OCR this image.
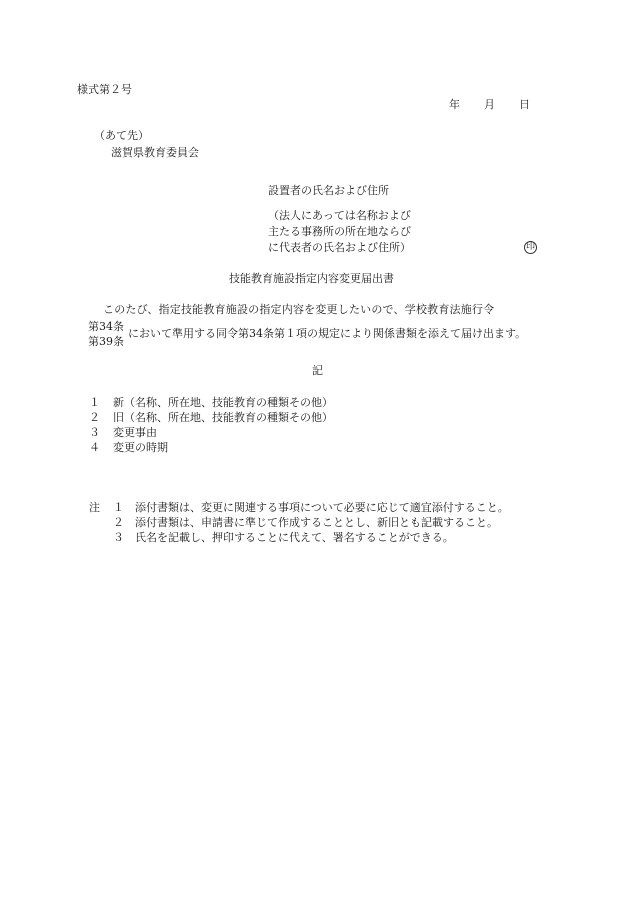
様式第２号
年 月 日
（あて先）
滋賀県教育委員会
設置者の氏名および住所
（法人にあっては名称および
主たる事務所の所在地ならび
に代表者の氏名および住所）	印
技能教育施設指定内容変更届出書
このたび、指定技能教育施設の指定内容を変更したいので、学校教育法施行令
第34条
第39条
において準用する同令第34条第１項の規定により関係書類を添えて届け出ます。
記
１ 新（名称、所在地、技能教育の種類その他）
２ 旧（名称、所在地、技能教育の種類その他）
３ 変更事由
４ 変更の時期
注 １ 添付書類は、変更に関連する事項について必要に応じて適宜添付すること。
２ 添付書類は、申請書に準じて作成することとし、新旧とも記載すること。
３ 氏名を記載し、押印することに代えて、署名することができる。
